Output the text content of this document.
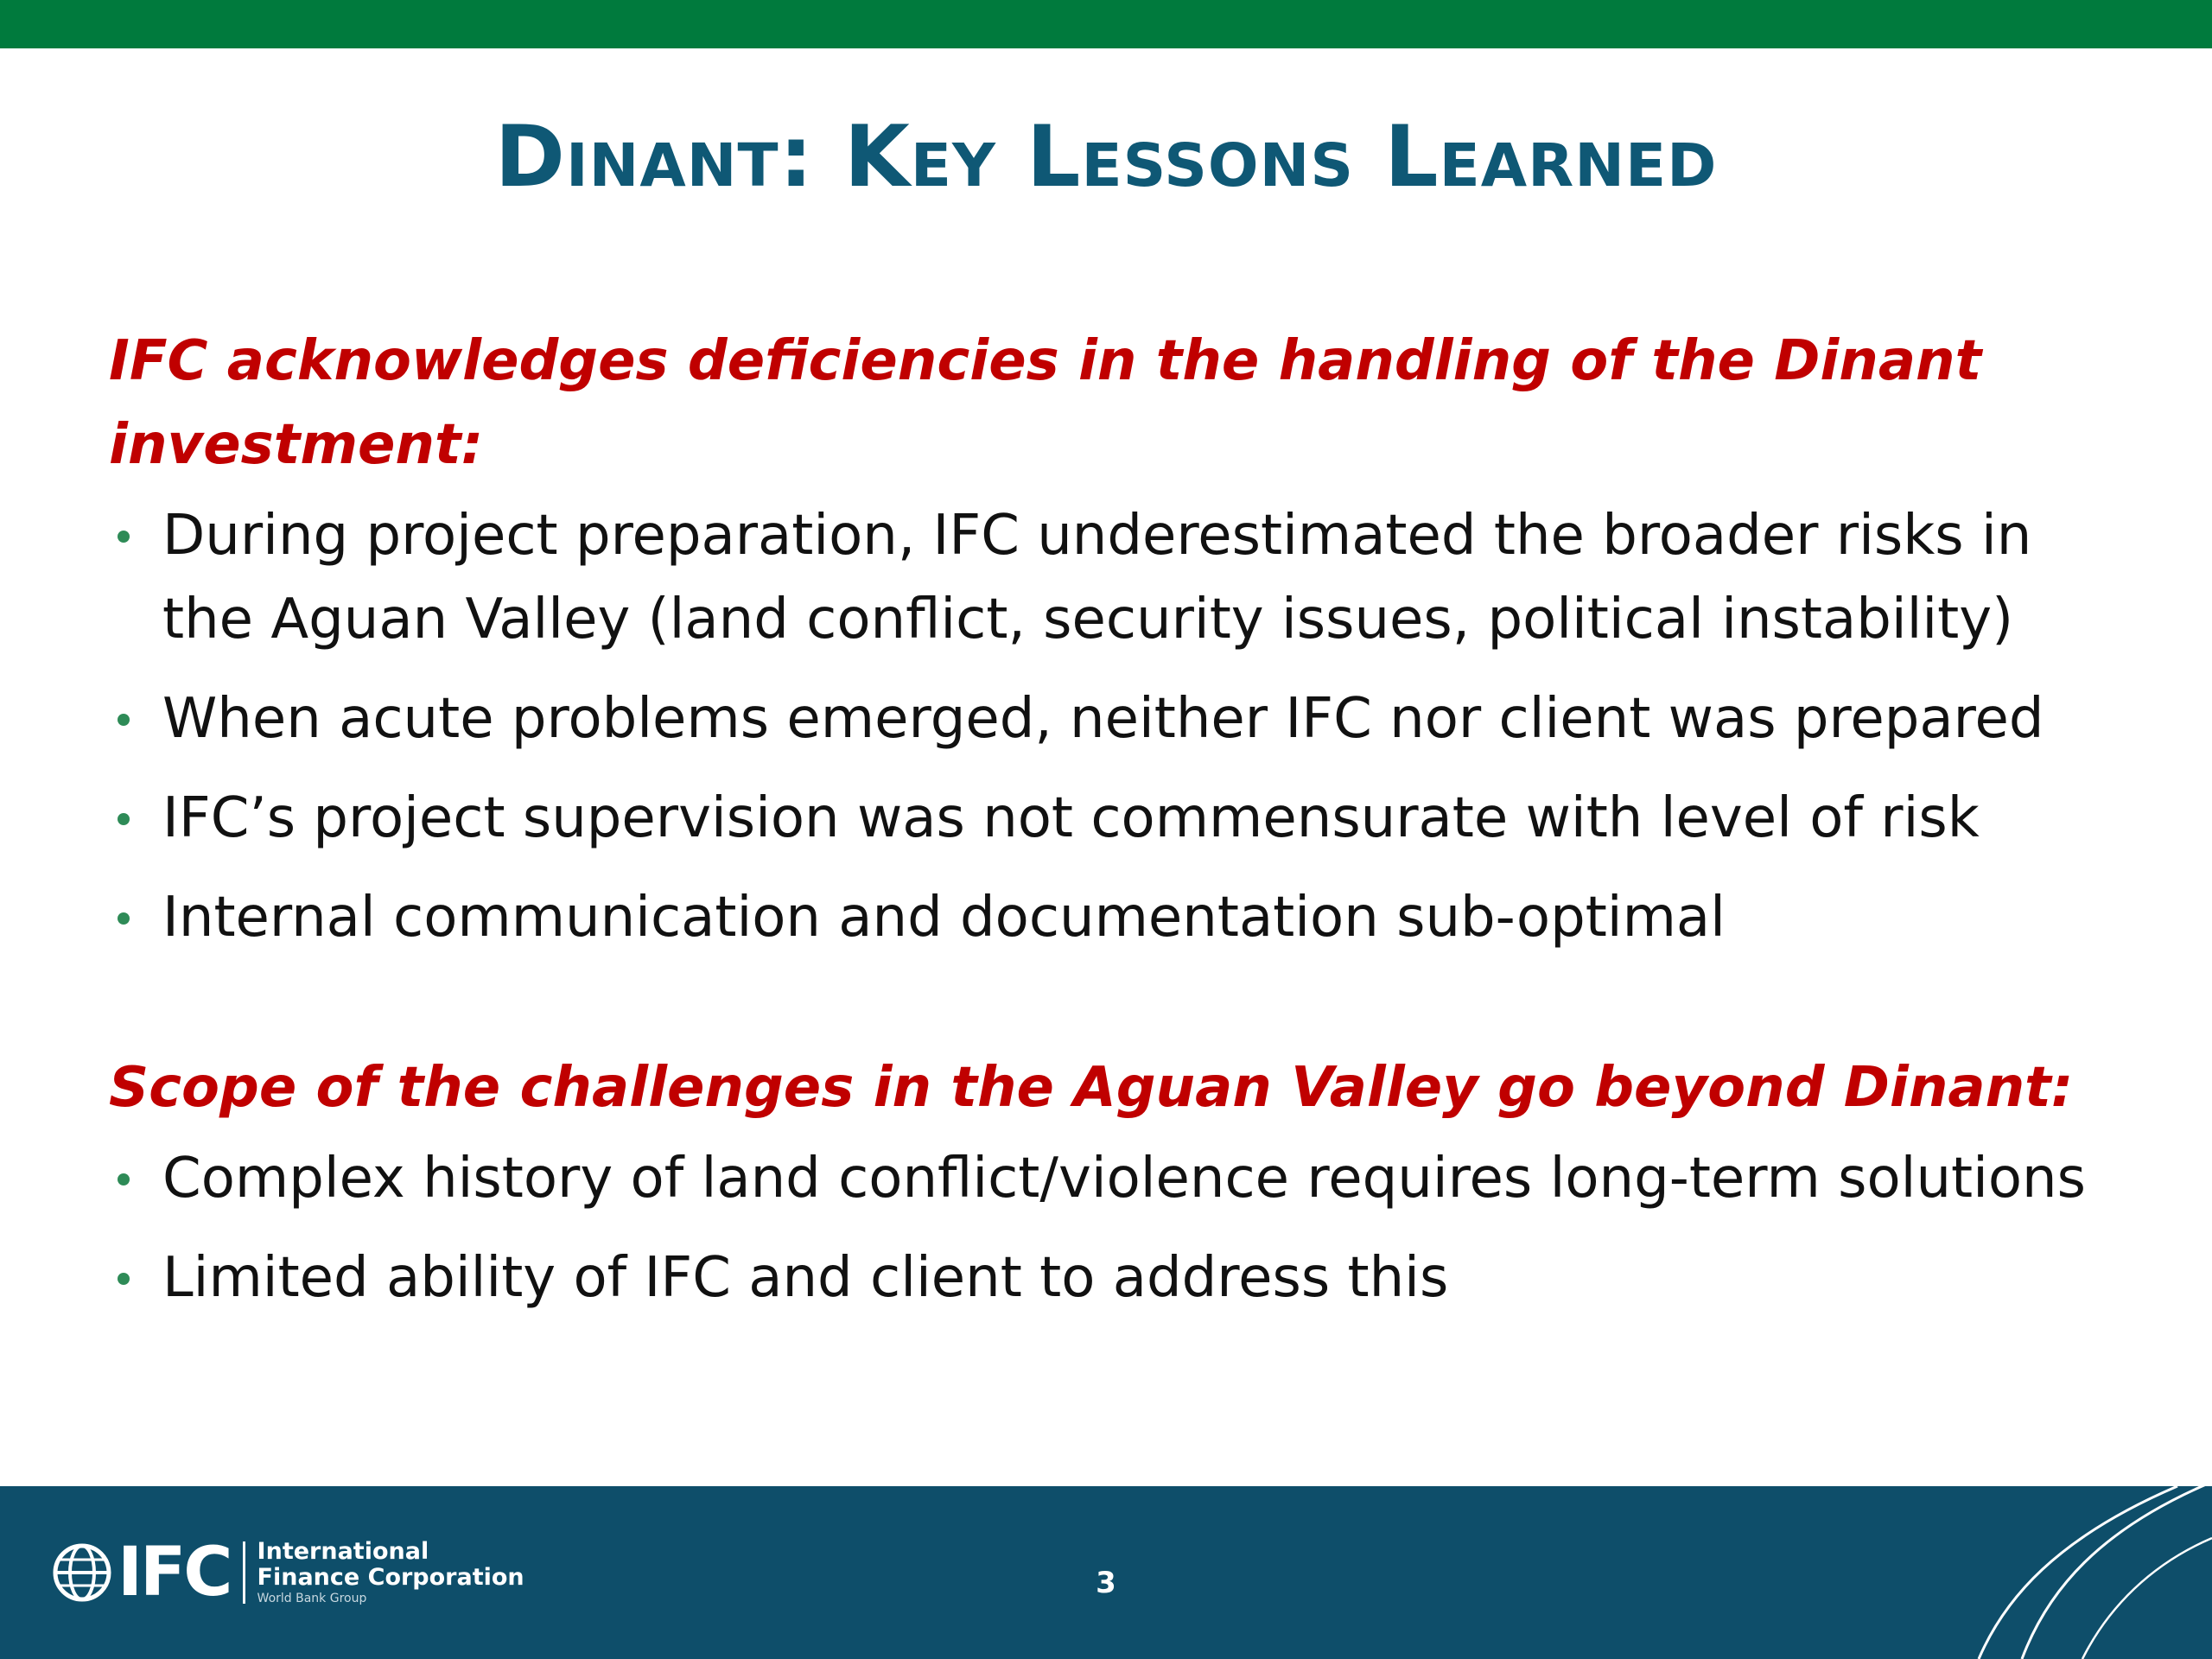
Dinant: Key Lessons Learned

IFC acknowledges deficiencies in the handling of the Dinant investment:

During project preparation, IFC underestimated the broader risks in the Aguan Valley (land conflict, security issues, political instability)
When acute problems emerged, neither IFC nor client was prepared
IFC’s project supervision was not commensurate with level of risk
Internal communication and documentation sub-optimal

Scope of the challenges in the Aguan Valley go beyond Dinant:

Complex history of land conflict/violence requires long-term solutions
Limited ability of IFC and client to address this
IFC International
Finance Corporation
World Bank Group	3
